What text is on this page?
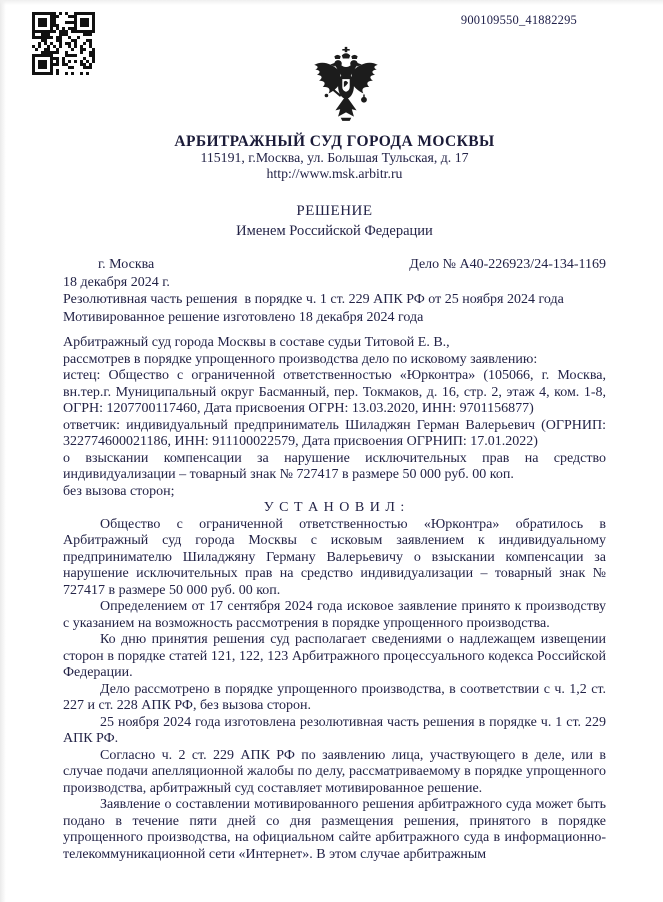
900109550_41882295
АРБИТРАЖНЫЙ СУД ГОРОДА МОСКВЫ
115191, г.Москва, ул. Большая Тульская, д. 17
http://www.msk.arbitr.ru
РЕШЕНИЕ
Именем Российской Федерации
г. Москва	Дело № А40-226923/24-134-1169
18 декабря 2024 г.
Резолютивная часть решения  в порядке ч. 1 ст. 229 АПК РФ от 25 ноября 2024 года
Мотивированное решение изготовлено 18 декабря 2024 года

Арбитражный суд города Москвы в составе судьи Титовой Е. В.,

рассмотрев в порядке упрощенного производства дело по исковому заявлению:

истец: Общество с ограниченной ответственностью «Юрконтра» (105066, г. Москва, вн.тер.г. Муниципальный округ Басманный, пер. Токмаков, д. 16, стр. 2, этаж 4, ком. 1-8, ОГРН: 1207700117460, Дата присвоения ОГРН: 13.03.2020, ИНН: 9701156877)

ответчик: индивидуальный предприниматель Шиладжян Герман Валерьевич (ОГРНИП: 322774600021186, ИНН: 911100022579, Дата присвоения ОГРНИП: 17.01.2022)

о взыскании компенсации за нарушение исключительных прав на средство индивидуализации – товарный знак № 727417 в размере 50 000 руб. 00 коп.

без вызова сторон;

У С Т А Н О В И Л :

Общество с ограниченной ответственностью «Юрконтра» обратилось в Арбитражный суд города Москвы с исковым заявлением к индивидуальному предпринимателю Шиладжяну Герману Валерьевичу о взыскании компенсации за нарушение исключительных прав на средство индивидуализации – товарный знак № 727417 в размере 50 000 руб. 00 коп.

Определением от 17 сентября 2024 года исковое заявление принято к производству с указанием на возможность рассмотрения в порядке упрощенного производства.

Ко дню принятия решения суд располагает сведениями о надлежащем извещении сторон в порядке статей 121, 122, 123 Арбитражного процессуального кодекса Российской Федерации.

Дело рассмотрено в порядке упрощенного производства, в соответствии с ч. 1,2 ст. 227 и ст. 228 АПК РФ, без вызова сторон.

25 ноября 2024 года изготовлена резолютивная часть решения в порядке ч. 1 ст. 229 АПК РФ.

Согласно ч. 2 ст. 229 АПК РФ по заявлению лица, участвующего в деле, или в случае подачи апелляционной жалобы по делу, рассматриваемому в порядке упрощенного производства, арбитражный суд составляет мотивированное решение.

Заявление о составлении мотивированного решения арбитражного суда может быть подано в течение пяти дней со дня размещения решения, принятого в порядке упрощенного производства, на официальном сайте арбитражного суда в информационно-телекоммуникационной сети «Интернет». В этом случае арбитражным
